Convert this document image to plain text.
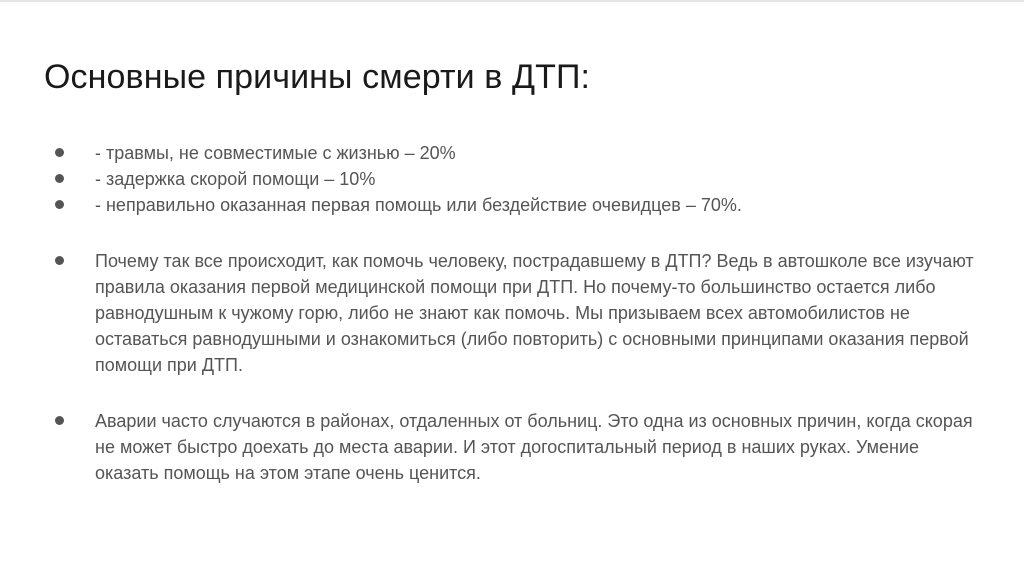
Основные причины смерти в ДТП:
- травмы, не совместимые с жизнью – 20%
- задержка скорой помощи – 10%
- неправильно оказанная первая помощь или бездействие очевидцев – 70%.
Почему так все происходит, как помочь человеку, пострадавшему в ДТП? Ведь в автошколе все изучают правила оказания первой медицинской помощи при ДТП. Но почему-то большинство остается либо равнодушным к чужому горю, либо не знают как помочь. Мы призываем всех автомобилистов не оставаться равнодушными и ознакомиться (либо повторить) с основными принципами оказания первой помощи при ДТП.
Аварии часто случаются в районах, отдаленных от больниц. Это одна из основных причин, когда скорая не может быстро доехать до места аварии. И этот догоспитальный период в наших руках. Умение оказать помощь на этом этапе очень ценится.
